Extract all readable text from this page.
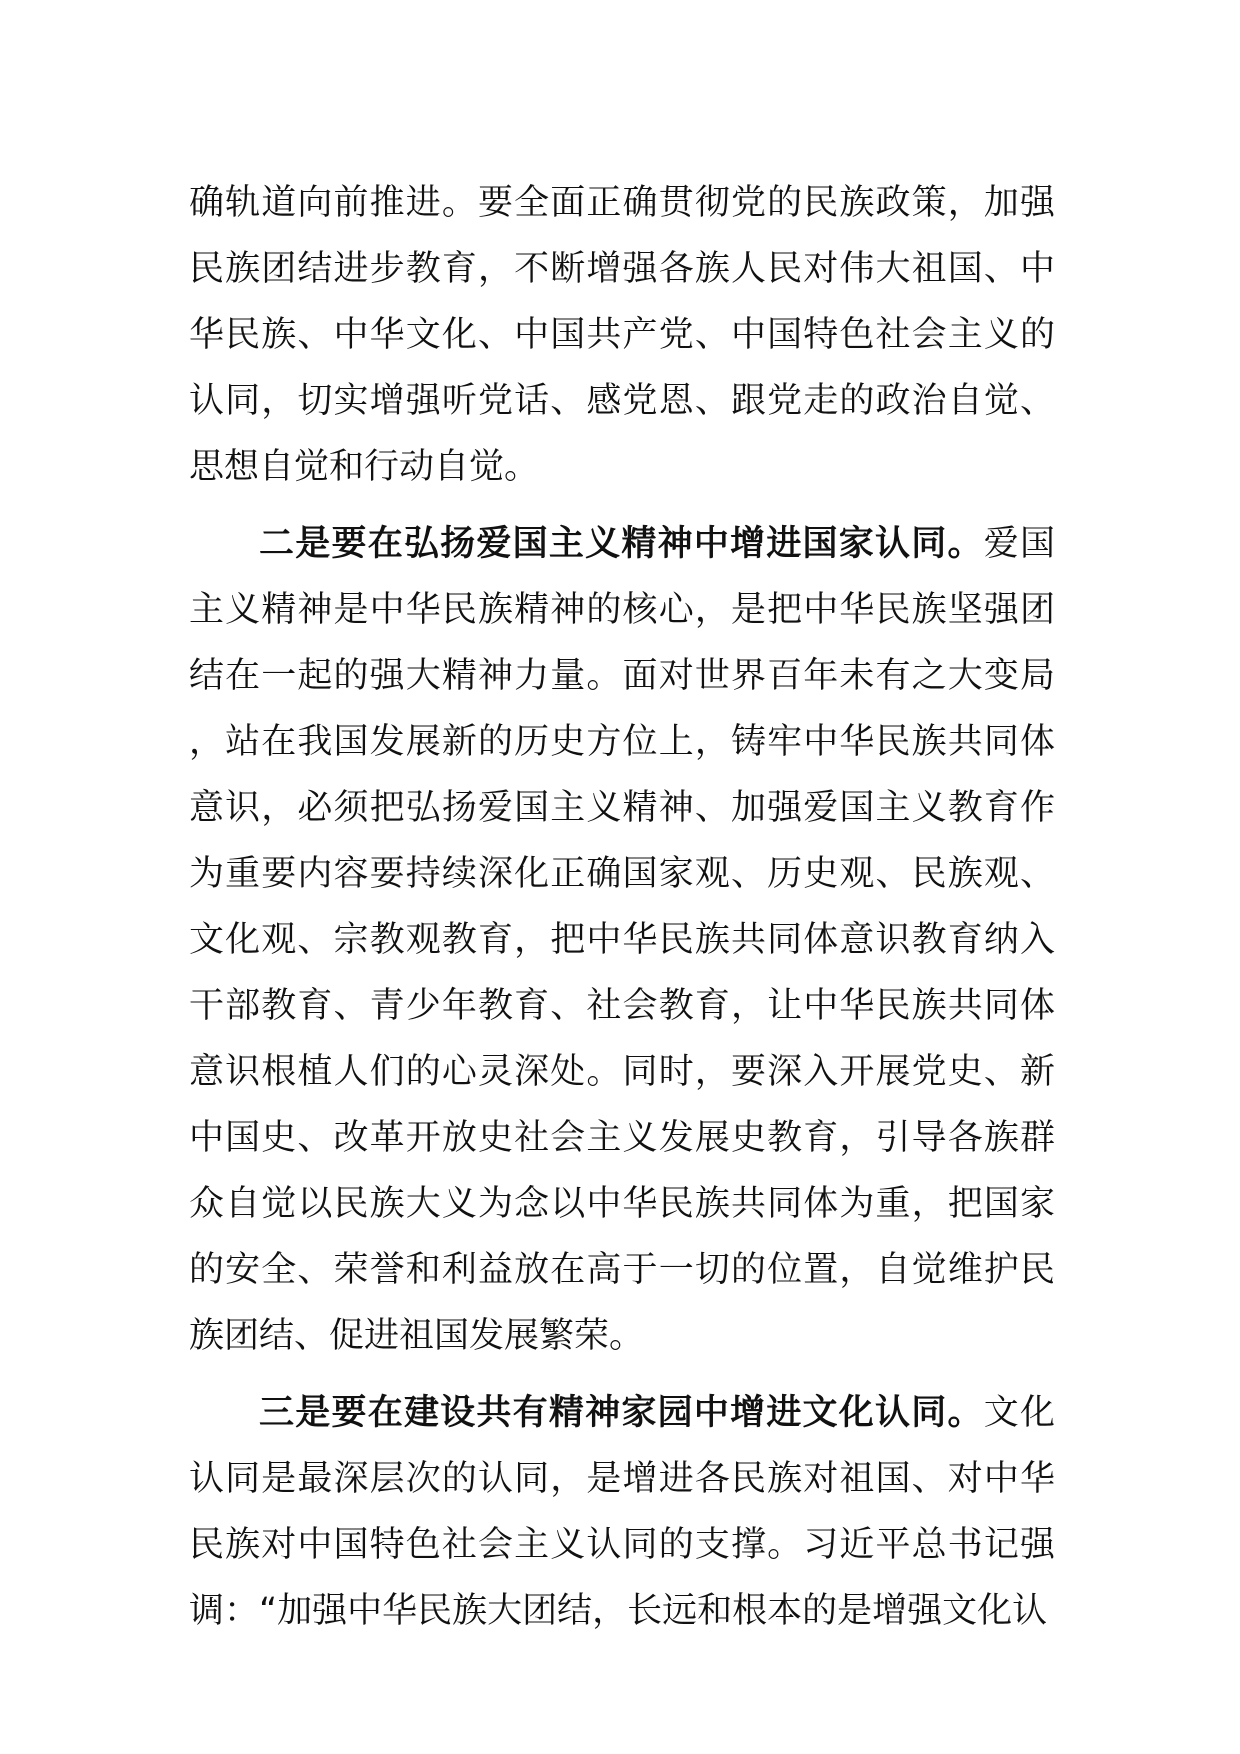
确轨道向前推进。要全面正确贯彻党的民族政策，加强民族团结进步教育，不断增强各族人民对伟大祖国、中华民族、中华文化、中国共产党、中国特色社会主义的认同，切实增强听党话、感党恩、跟党走的政治自觉、思想自觉和行动自觉。

二是要在弘扬爱国主义精神中增进国家认同。爱国主义精神是中华民族精神的核心，是把中华民族坚强团结在一起的强大精神力量。面对世界百年未有之大变局，站在我国发展新的历史方位上，铸牢中华民族共同体意识，必须把弘扬爱国主义精神、加强爱国主义教育作为重要内容要持续深化正确国家观、历史观、民族观、文化观、宗教观教育，把中华民族共同体意识教育纳入干部教育、青少年教育、社会教育，让中华民族共同体意识根植人们的心灵深处。同时，要深入开展党史、新中国史、改革开放史社会主义发展史教育，引导各族群众自觉以民族大义为念以中华民族共同体为重，把国家的安全、荣誉和利益放在高于一切的位置，自觉维护民族团结、促进祖国发展繁荣。

三是要在建设共有精神家园中增进文化认同。文化认同是最深层次的认同，是增进各民族对祖国、对中华民族对中国特色社会主义认同的支撑。习近平总书记强调：“加强中华民族大团结，长远和根本的是增强文化认
